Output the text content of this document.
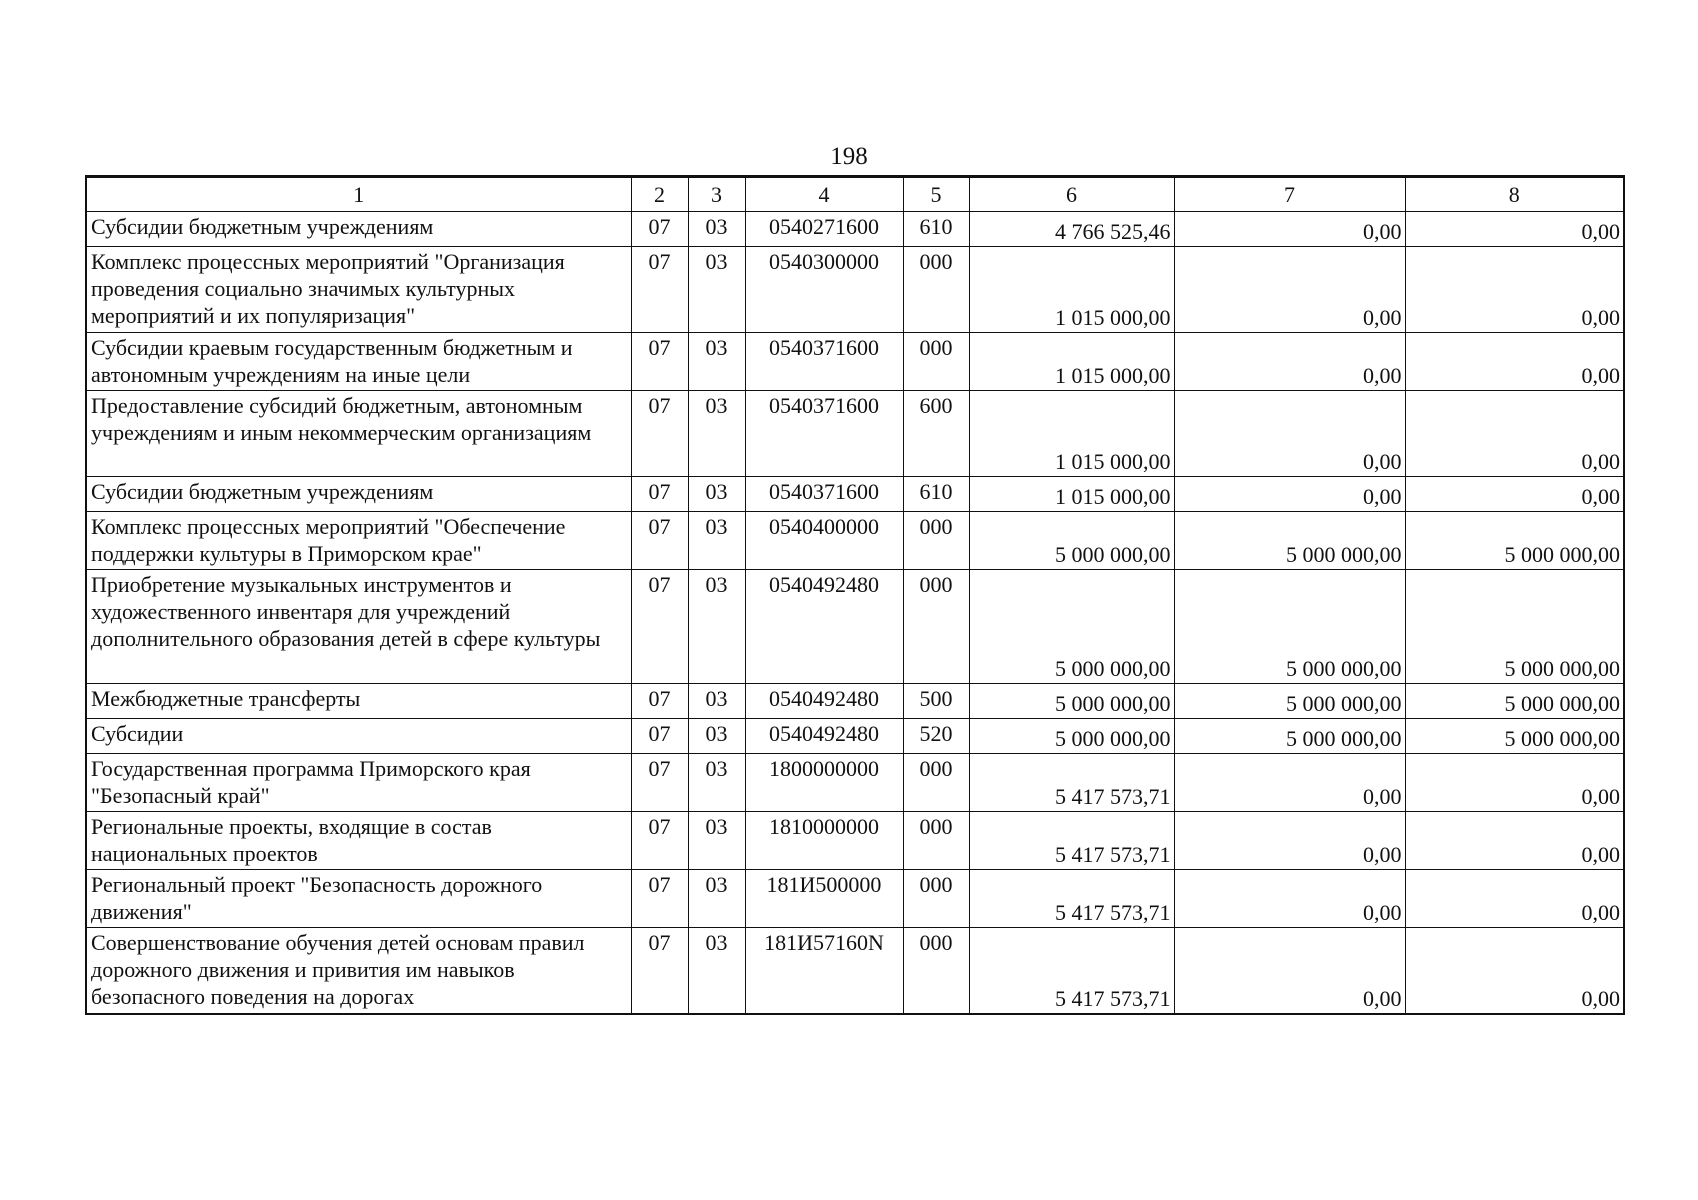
198
1	2	3	4	5	6	7	8
Субсидии бюджетным учреждениям	07	03	0540271600	610	4 766 525,46	0,00	0,00
Комплекс процессных мероприятий "Организация проведения социально значимых культурных мероприятий и их популяризация"	07	03	0540300000	000	1 015 000,00	0,00	0,00
Субсидии краевым государственным бюджетным и автономным учреждениям на иные цели	07	03	0540371600	000	1 015 000,00	0,00	0,00
Предоставление субсидий бюджетным, автономным учреждениям и иным некоммерческим организациям	07	03	0540371600	600	1 015 000,00	0,00	0,00
Субсидии бюджетным учреждениям	07	03	0540371600	610	1 015 000,00	0,00	0,00
Комплекс процессных мероприятий "Обеспечение поддержки культуры в Приморском крае"	07	03	0540400000	000	5 000 000,00	5 000 000,00	5 000 000,00
Приобретение музыкальных инструментов и художественного инвентаря для учреждений дополнительного образования детей в сфере культуры	07	03	0540492480	000	5 000 000,00	5 000 000,00	5 000 000,00
Межбюджетные трансферты	07	03	0540492480	500	5 000 000,00	5 000 000,00	5 000 000,00
Субсидии	07	03	0540492480	520	5 000 000,00	5 000 000,00	5 000 000,00
Государственная программа Приморского края "Безопасный край"	07	03	1800000000	000	5 417 573,71	0,00	0,00
Региональные проекты, входящие в состав национальных проектов	07	03	1810000000	000	5 417 573,71	0,00	0,00
Региональный проект "Безопасность дорожного движения"	07	03	181И500000	000	5 417 573,71	0,00	0,00
Совершенствование обучения детей основам правил дорожного движения и привития им навыков безопасного поведения на дорогах	07	03	181И57160N	000	5 417 573,71	0,00	0,00
